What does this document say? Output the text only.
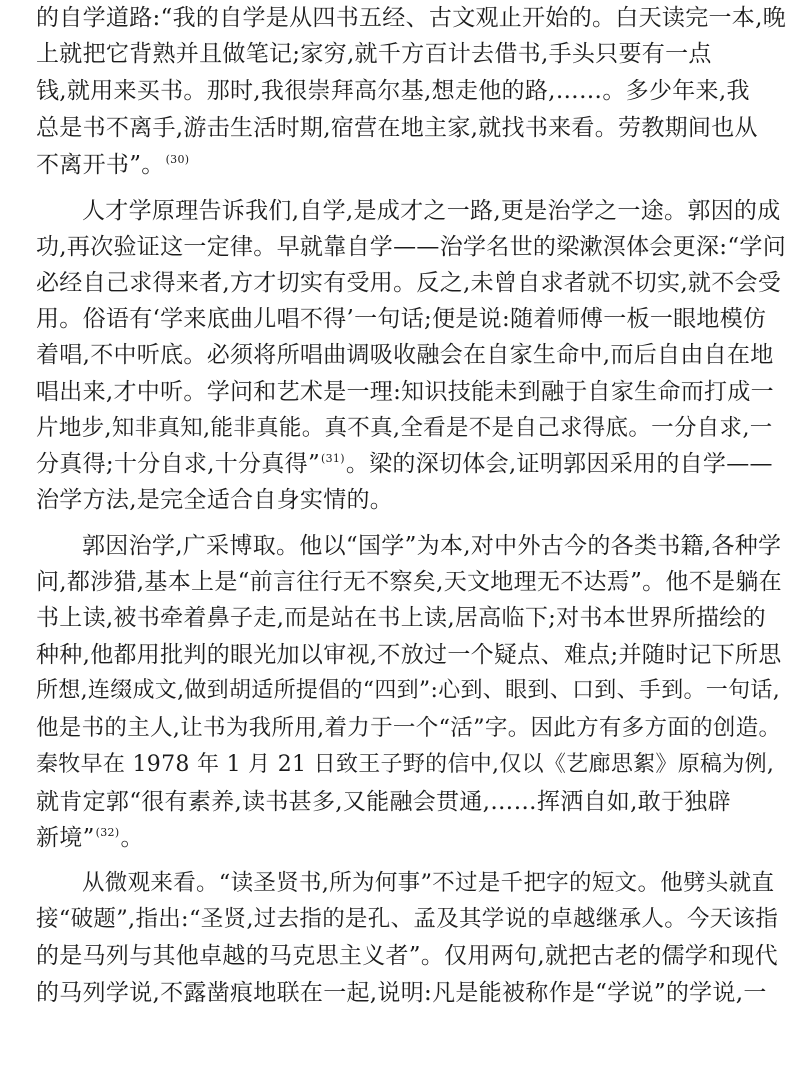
的自学道路:“我的自学是从四书五经、古文观止开始的。白天读完一本,晚
上就把它背熟并且做笔记;家穷,就千方百计去借书,手头只要有一点
钱,就用来买书。那时,我很崇拜高尔基,想走他的路,……。多少年来,我
总是书不离手,游击生活时期,宿营在地主家,就找书来看。劳教期间也从
不离开书”。$^{(30)}$
人才学原理告诉我们,自学,是成才之一路,更是治学之一途。郭因的成
功,再次验证这一定律。早就靠自学——治学名世的梁漱溟体会更深:“学问
必经自己求得来者,方才切实有受用。反之,未曾自求者就不切实,就不会受
用。俗语有‘学来底曲儿唱不得’一句话;便是说:随着师傅一板一眼地模仿
着唱,不中听底。必须将所唱曲调吸收融会在自家生命中,而后自由自在地
唱出来,才中听。学问和艺术是一理:知识技能未到融于自家生命而打成一
片地步,知非真知,能非真能。真不真,全看是不是自己求得底。一分自求,一
分真得;十分自求,十分真得”$^{(31)}$。梁的深切体会,证明郭因采用的自学——
治学方法,是完全适合自身实情的。
郭因治学,广采博取。他以“国学”为本,对中外古今的各类书籍,各种学
问,都涉猎,基本上是“前言往行无不察矣,天文地理无不达焉”。他不是躺在
书上读,被书牵着鼻子走,而是站在书上读,居高临下;对书本世界所描绘的
种种,他都用批判的眼光加以审视,不放过一个疑点、难点;并随时记下所思
所想,连缀成文,做到胡适所提倡的“四到”:心到、眼到、口到、手到。一句话,
他是书的主人,让书为我所用,着力于一个“活”字。因此方有多方面的创造。
秦牧早在 1978 年 1 月 21 日致王子野的信中,仅以《艺廊思絮》原稿为例,
就肯定郭“很有素养,读书甚多,又能融会贯通,……挥洒自如,敢于独辟
新境”$^{(32)}$。
从微观来看。“读圣贤书,所为何事”不过是千把字的短文。他劈头就直
接“破题”,指出:“圣贤,过去指的是孔、孟及其学说的卓越继承人。今天该指
的是马列与其他卓越的马克思主义者”。仅用两句,就把古老的儒学和现代
的马列学说,不露凿痕地联在一起,说明:凡是能被称作是“学说”的学说,一
